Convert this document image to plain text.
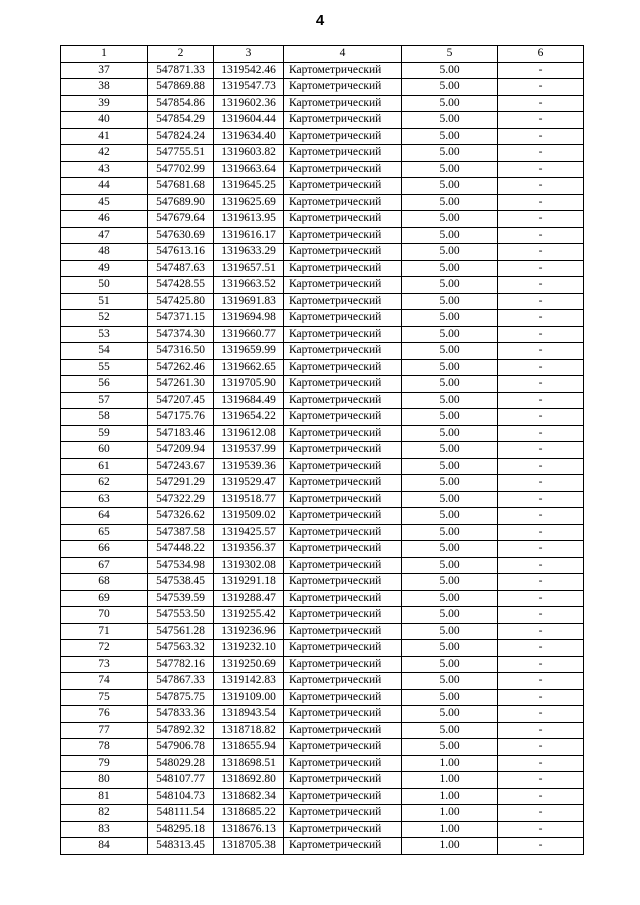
4
1	2	3	4	5	6
37	547871.33	1319542.46	Картометрический	5.00	-
38	547869.88	1319547.73	Картометрический	5.00	-
39	547854.86	1319602.36	Картометрический	5.00	-
40	547854.29	1319604.44	Картометрический	5.00	-
41	547824.24	1319634.40	Картометрический	5.00	-
42	547755.51	1319603.82	Картометрический	5.00	-
43	547702.99	1319663.64	Картометрический	5.00	-
44	547681.68	1319645.25	Картометрический	5.00	-
45	547689.90	1319625.69	Картометрический	5.00	-
46	547679.64	1319613.95	Картометрический	5.00	-
47	547630.69	1319616.17	Картометрический	5.00	-
48	547613.16	1319633.29	Картометрический	5.00	-
49	547487.63	1319657.51	Картометрический	5.00	-
50	547428.55	1319663.52	Картометрический	5.00	-
51	547425.80	1319691.83	Картометрический	5.00	-
52	547371.15	1319694.98	Картометрический	5.00	-
53	547374.30	1319660.77	Картометрический	5.00	-
54	547316.50	1319659.99	Картометрический	5.00	-
55	547262.46	1319662.65	Картометрический	5.00	-
56	547261.30	1319705.90	Картометрический	5.00	-
57	547207.45	1319684.49	Картометрический	5.00	-
58	547175.76	1319654.22	Картометрический	5.00	-
59	547183.46	1319612.08	Картометрический	5.00	-
60	547209.94	1319537.99	Картометрический	5.00	-
61	547243.67	1319539.36	Картометрический	5.00	-
62	547291.29	1319529.47	Картометрический	5.00	-
63	547322.29	1319518.77	Картометрический	5.00	-
64	547326.62	1319509.02	Картометрический	5.00	-
65	547387.58	1319425.57	Картометрический	5.00	-
66	547448.22	1319356.37	Картометрический	5.00	-
67	547534.98	1319302.08	Картометрический	5.00	-
68	547538.45	1319291.18	Картометрический	5.00	-
69	547539.59	1319288.47	Картометрический	5.00	-
70	547553.50	1319255.42	Картометрический	5.00	-
71	547561.28	1319236.96	Картометрический	5.00	-
72	547563.32	1319232.10	Картометрический	5.00	-
73	547782.16	1319250.69	Картометрический	5.00	-
74	547867.33	1319142.83	Картометрический	5.00	-
75	547875.75	1319109.00	Картометрический	5.00	-
76	547833.36	1318943.54	Картометрический	5.00	-
77	547892.32	1318718.82	Картометрический	5.00	-
78	547906.78	1318655.94	Картометрический	5.00	-
79	548029.28	1318698.51	Картометрический	1.00	-
80	548107.77	1318692.80	Картометрический	1.00	-
81	548104.73	1318682.34	Картометрический	1.00	-
82	548111.54	1318685.22	Картометрический	1.00	-
83	548295.18	1318676.13	Картометрический	1.00	-
84	548313.45	1318705.38	Картометрический	1.00	-
